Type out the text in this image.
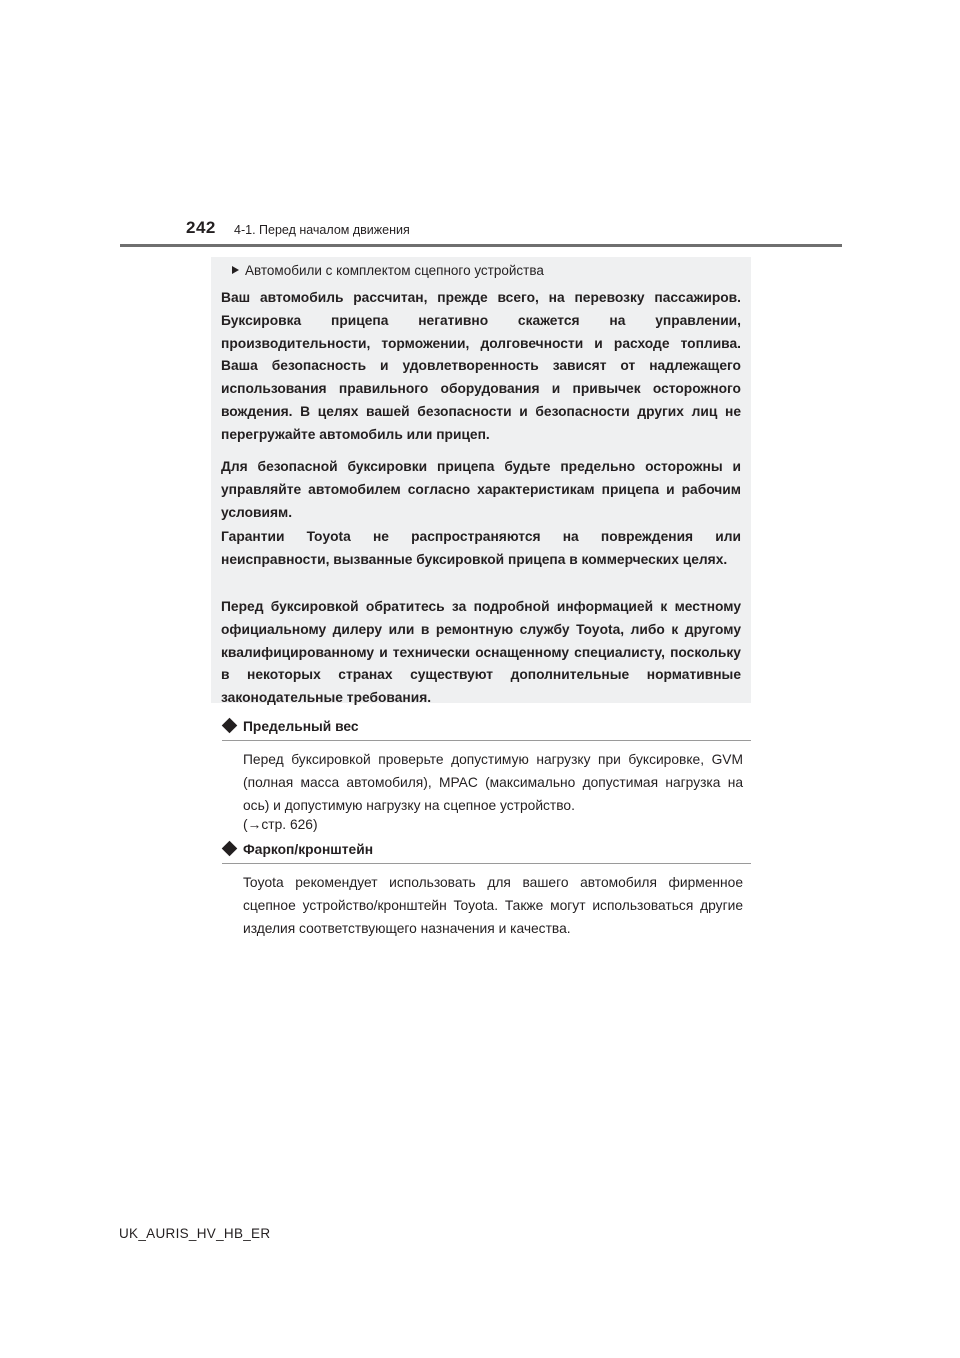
242 4-1. Перед началом движения
Автомобили с комплектом сцепного устройства

Ваш автомобиль рассчитан, прежде всего, на перевозку пассажиров. Буксировка прицепа негативно скажется на управлении, производительности, торможении, долговечности и расходе топлива. Ваша безопасность и удовлетворенность зависят от надлежащего использования правильного оборудования и привычек осторожного вождения. В целях вашей безопасности и безопасности других лиц не перегружайте автомобиль или прицеп.

Для безопасной буксировки прицепа будьте предельно осторожны и управляйте автомобилем согласно характеристикам прицепа и рабочим условиям.

Гарантии Toyota не распространяются на повреждения или неисправности, вызванные буксировкой прицепа в коммерческих целях.

Перед буксировкой обратитесь за подробной информацией к местному официальному дилеру или в ремонтную службу Toyota, либо к другому квалифицированному и технически оснащенному специалисту, поскольку в некоторых странах существуют дополнительные нормативные законодательные требования.

Предельный вес

Перед буксировкой проверьте допустимую нагрузку при буксировке, GVM (полная масса автомобиля), MPAC (максимально допустимая нагрузка на ось) и допустимую нагрузку на сцепное устройство.

(→стр. 626)
Фаркоп/кронштейн

Toyota рекомендует использовать для вашего автомобиля фирменное сцепное устройство/кронштейн Toyota. Также могут использоваться другие изделия соответствующего назначения и качества.

UK_AURIS_HV_HB_ER
